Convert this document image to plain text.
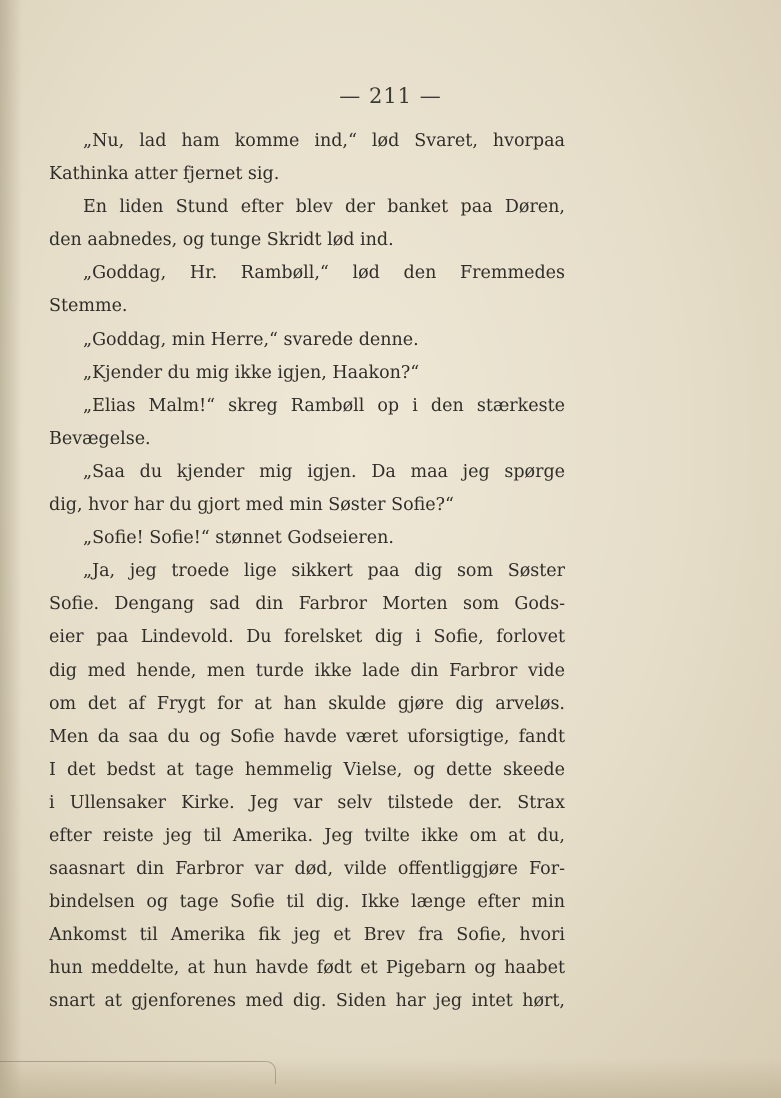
— 211 —
„Nu, lad ham komme ind,“ lød Svaret, hvorpaa
Kathinka atter fjernet sig.
En liden Stund efter blev der banket paa Døren,
den aabnedes, og tunge Skridt lød ind.
„Goddag, Hr. Rambøll,“ lød den Fremmedes
Stemme.
„Goddag, min Herre,“ svarede denne.
„Kjender du mig ikke igjen, Haakon?“
„Elias Malm!“ skreg Rambøll op i den stærkeste
Bevægelse.
„Saa du kjender mig igjen. Da maa jeg spørge
dig, hvor har du gjort med min Søster Sofie?“
„Sofie! Sofie!“ stønnet Godseieren.
„Ja, jeg troede lige sikkert paa dig som Søster
Sofie. Dengang sad din Farbror Morten som Gods-
eier paa Lindevold. Du forelsket dig i Sofie, forlovet
dig med hende, men turde ikke lade din Farbror vide
om det af Frygt for at han skulde gjøre dig arveløs.
Men da saa du og Sofie havde været uforsigtige, fandt
I det bedst at tage hemmelig Vielse, og dette skeede
i Ullensaker Kirke. Jeg var selv tilstede der. Strax
efter reiste jeg til Amerika. Jeg tvilte ikke om at du,
saasnart din Farbror var død, vilde offentliggjøre For-
bindelsen og tage Sofie til dig. Ikke længe efter min
Ankomst til Amerika fik jeg et Brev fra Sofie, hvori
hun meddelte, at hun havde født et Pigebarn og haabet
snart at gjenforenes med dig. Siden har jeg intet hørt,
